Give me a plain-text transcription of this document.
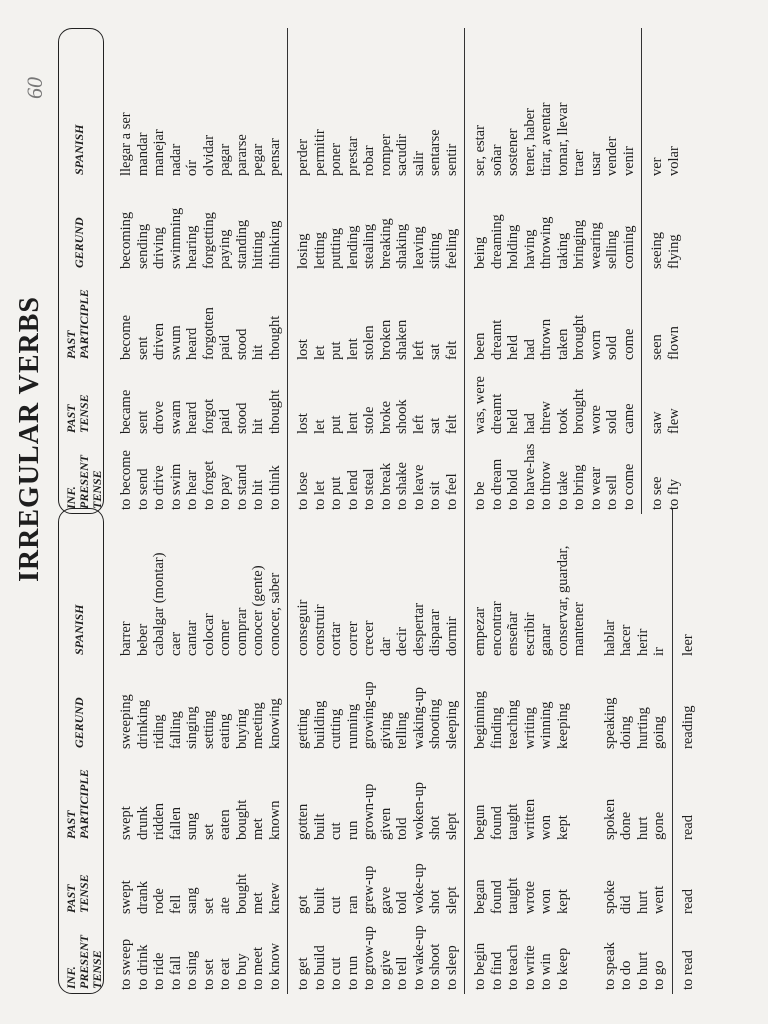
IRREGULAR VERBS
60
INF. PRESENT TENSE
PAST TENSE
PAST PARTICIPLE
GERUND
SPANISH
to sweep
swept
swept
sweeping
barrer
to drink
drank
drunk
drinking
beber
to ride
rode
ridden
riding
cabalgar (montar)
to fall
fell
fallen
falling
caer
to sing
sang
sung
singing
cantar
to set
set
set
setting
colocar
to eat
ate
eaten
eating
comer
to buy
bought
bought
buying
comprar
to meet
met
met
meeting
conocer (gente)
to know
knew
known
knowing
conocer, saber
to get
got
gotten
getting
conseguir
to build
built
built
building
construir
to cut
cut
cut
cutting
cortar
to run
ran
run
running
correr
to grow-up
grew-up
grown-up
growing-up
crecer
to give
gave
given
giving
dar
to tell
told
told
telling
decir
to wake-up
woke-up
woken-up
waking-up
despertar
to shoot
shot
shot
shooting
disparar
to sleep
slept
slept
sleeping
dormir
to begin
began
begun
beginning
empezar
to find
found
found
finding
encontrar
to teach
taught
taught
teaching
enseñar
to write
wrote
written
writing
escribir
to win
won
won
winning
ganar
to keep
kept
kept
keeping
conservar, guardar, mantener
to speak
spoke
spoken
speaking
hablar
to do
did
done
doing
hacer
to hurt
hurt
hurt
hurting
herir
to go
went
gone
going
ir
to read
read
read
reading
leer
INF. PRESENT TENSE
PAST TENSE
PAST PARTICIPLE
GERUND
SPANISH
to become
became
become
becoming
llegar a ser
to send
sent
sent
sending
mandar
to drive
drove
driven
driving
manejar
to swim
swam
swum
swimming
nadar
to hear
heard
heard
hearing
oír
to forget
forgot
forgotten
forgetting
olvidar
to pay
paid
paid
paying
pagar
to stand
stood
stood
standing
pararse
to hit
hit
hit
hitting
pegar
to think
thought
thought
thinking
pensar
to lose
lost
lost
losing
perder
to let
let
let
letting
permitir
to put
put
put
putting
poner
to lend
lent
lent
lending
prestar
to steal
stole
stolen
stealing
robar
to break
broke
broken
breaking
romper
to shake
shook
shaken
shaking
sacudir
to leave
left
left
leaving
salir
to sit
sat
sat
sitting
sentarse
to feel
felt
felt
feeling
sentir
to be
was, were
been
being
ser, estar
to dream
dreamt
dreamt
dreaming
soñar
to hold
held
held
holding
sostener
to have-has
had
had
having
tener, haber
to throw
threw
thrown
throwing
tirar, aventar
to take
took
taken
taking
tomar, llevar
to bring
brought
brought
bringing
traer
to wear
wore
worn
wearing
usar
to sell
sold
sold
selling
vender
to come
came
come
coming
venir
to see
saw
seen
seeing
ver
to fly
flew
flown
flying
volar
